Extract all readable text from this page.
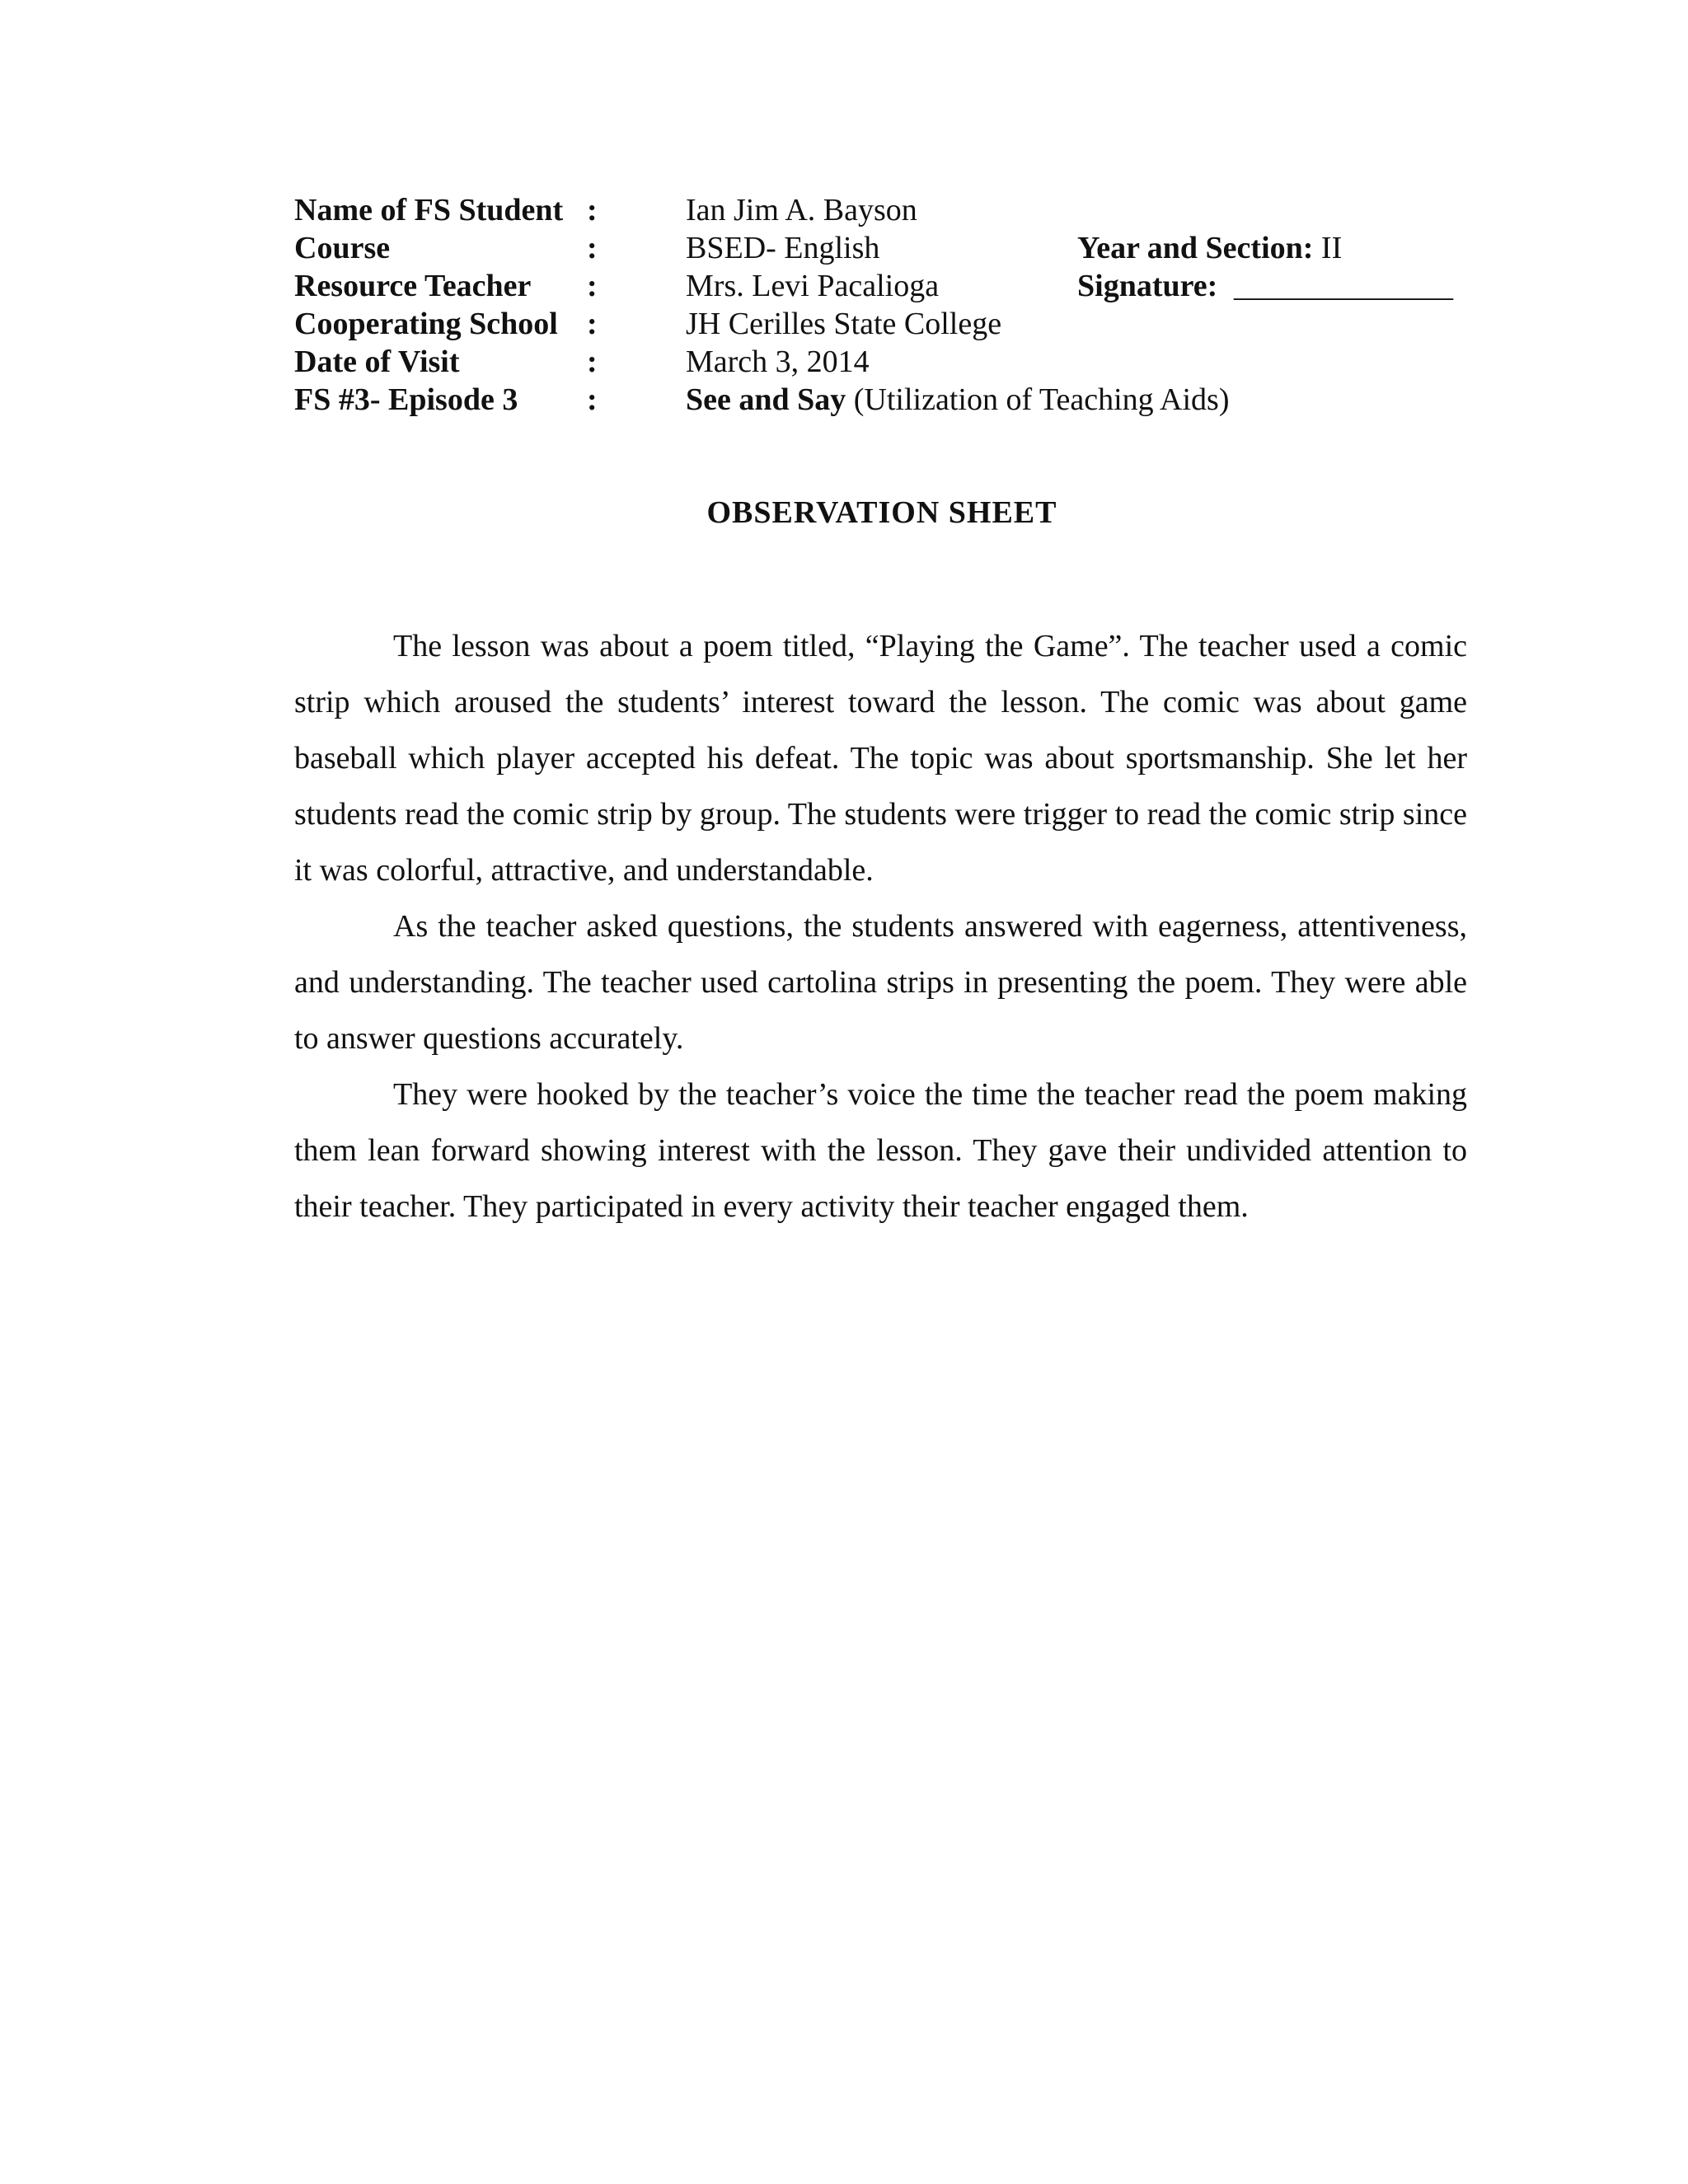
Name of FS Student :	Ian Jim A. Bayson
Course	:	BSED- English	Year and Section: II
Resource Teacher :	Mrs. Levi Pacalioga	Signature: ______________
Cooperating School :	JH Cerilles State College
Date of Visit	:	March 3, 2014
FS #3- Episode 3 :	See and Say (Utilization of Teaching Aids)
OBSERVATION SHEET

The lesson was about a poem titled, “Playing the Game”. The teacher used a comic strip which aroused the students’ interest toward the lesson. The comic was about game baseball which player accepted his defeat. The topic was about sportsmanship. She let her students read the comic strip by group. The students were trigger to read the comic strip since it was colorful, attractive, and understandable.

As the teacher asked questions, the students answered with eagerness, attentiveness, and understanding. The teacher used cartolina strips in presenting the poem. They were able to answer questions accurately.

They were hooked by the teacher’s voice the time the teacher read the poem making them lean forward showing interest with the lesson. They gave their undivided attention to their teacher. They participated in every activity their teacher engaged them.
